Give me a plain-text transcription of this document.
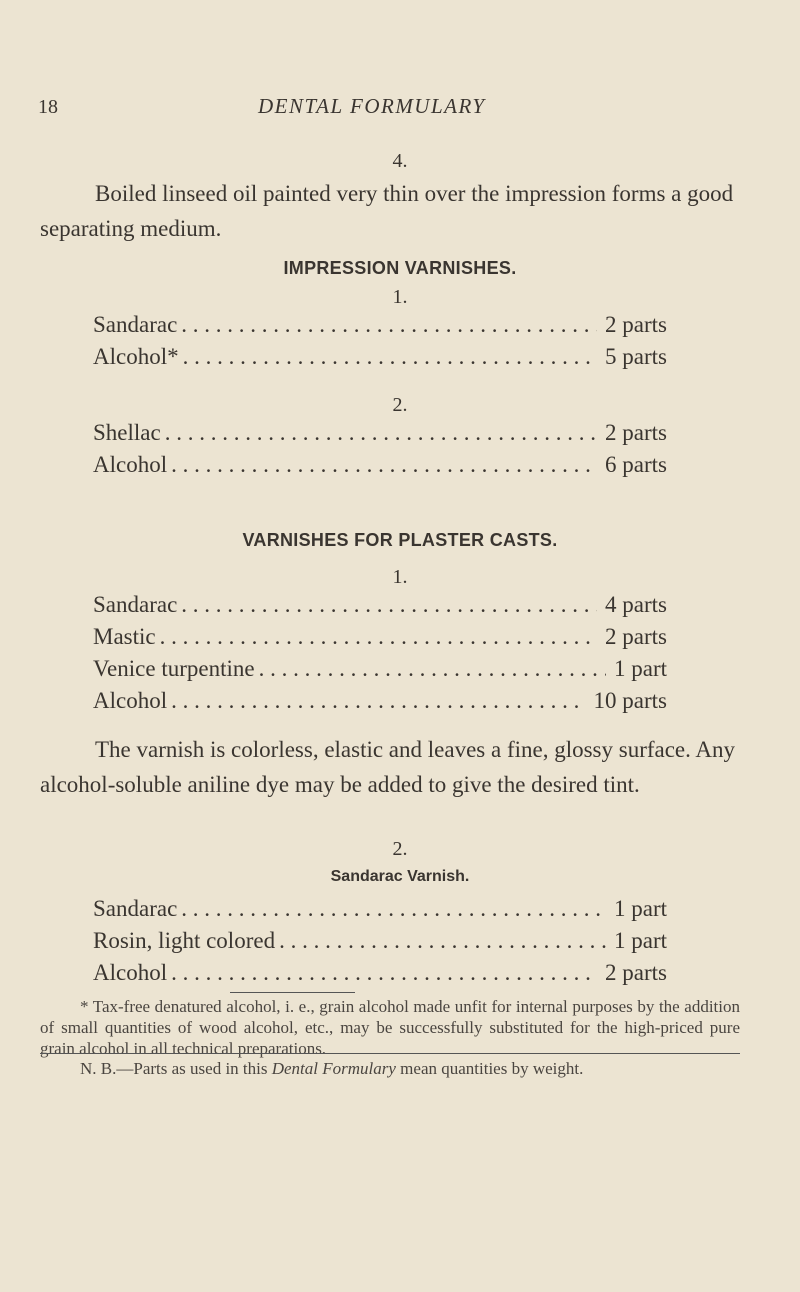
18	DENTAL FORMULARY
4.
Boiled linseed oil painted very thin over the impression forms a good separating medium.
IMPRESSION VARNISHES.
1.
Sandarac . . .	2 parts
Alcohol* . . .	5 parts
2.
Shellac . . .	2 parts
Alcohol . . .	6 parts
VARNISHES FOR PLASTER CASTS.
1.
Sandarac . . .	4 parts
Mastic . . .	2 parts
Venice turpentine . . .	1 part
Alcohol . . .	10 parts
The varnish is colorless, elastic and leaves a fine, glossy surface. Any alcohol-soluble aniline dye may be added to give the desired tint.
2.
Sandarac Varnish.
Sandarac . . .	1 part
Rosin, light colored . . .	1 part
Alcohol . . .	2 parts
* Tax-free denatured alcohol, i. e., grain alcohol made unfit for internal purposes by the addition of small quantities of wood alcohol, etc., may be successfully substituted for the high-priced pure grain alcohol in all technical preparations.
N. B.—Parts as used in this Dental Formulary mean quantities by weight.
